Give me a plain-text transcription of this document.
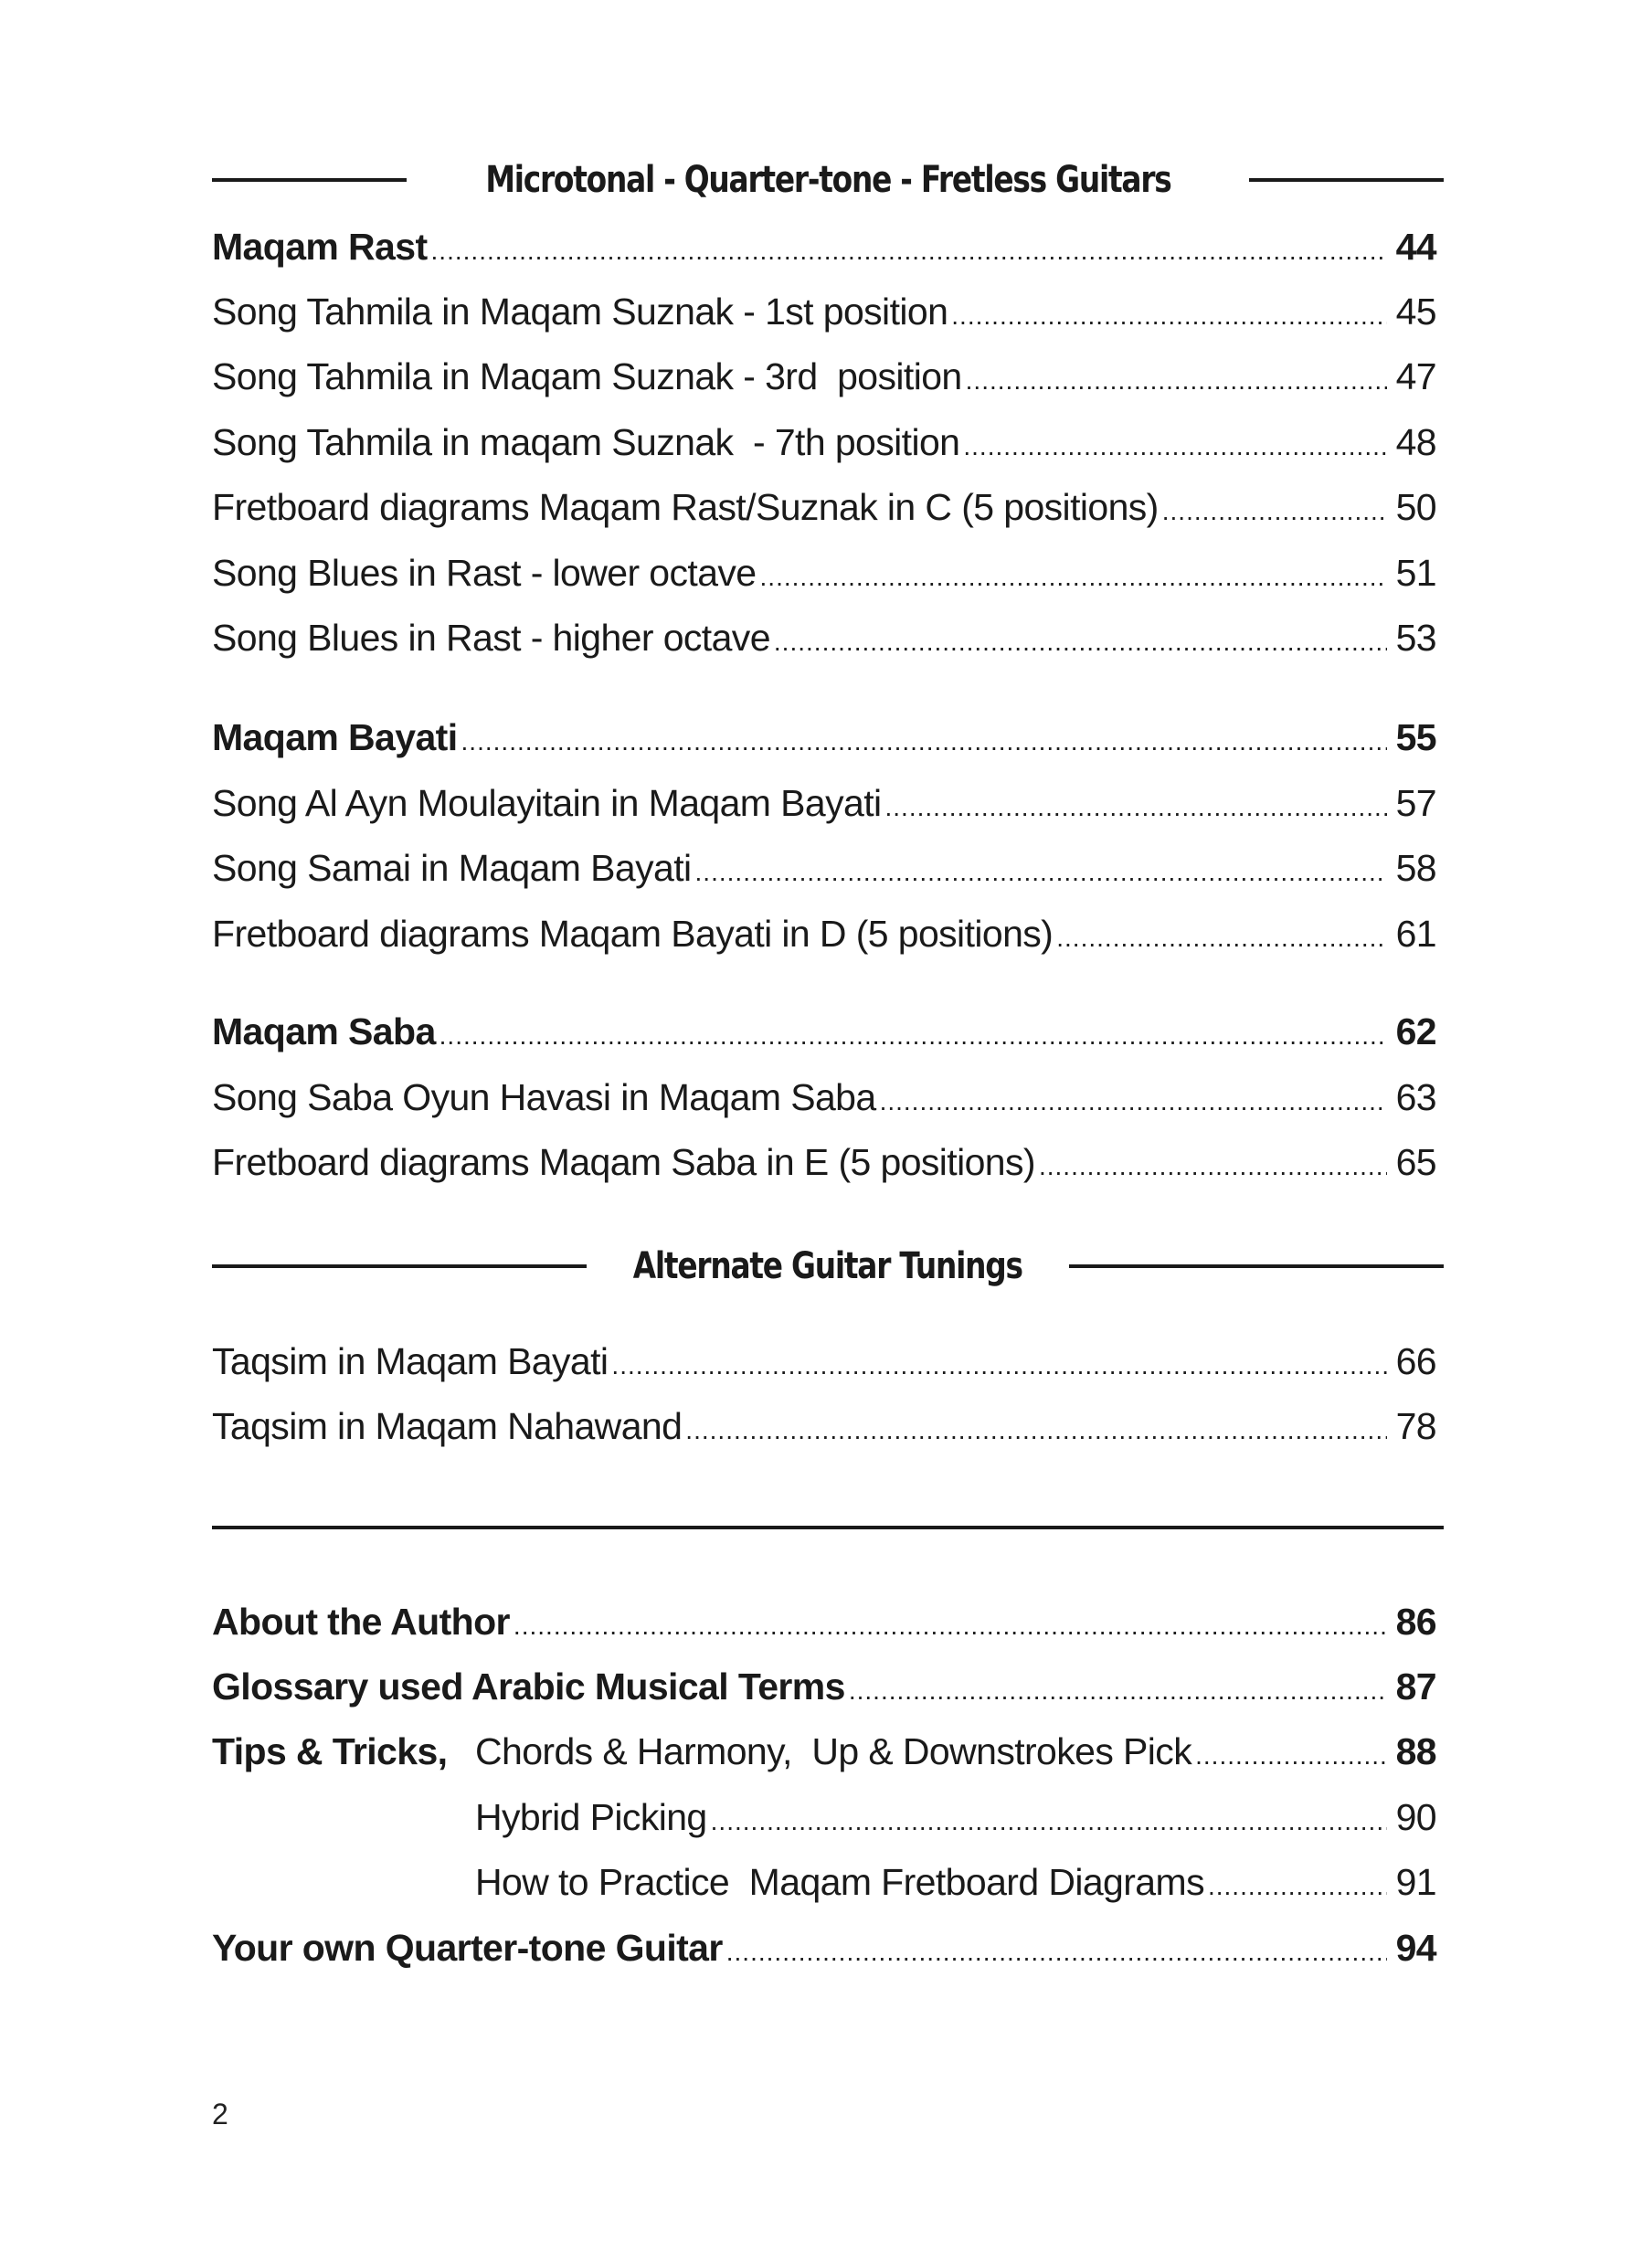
Microtonal - Quarter-tone - Fretless Guitars
Maqam Rast .....	44
Song Tahmila in Maqam Suznak - 1st position .....	45
Song Tahmila in Maqam Suznak - 3rd  position .....	47
Song Tahmila in maqam Suznak  - 7th position .....	48
Fretboard diagrams Maqam Rast/Suznak in C (5 positions) .....	50
Song Blues in Rast - lower octave .....	51
Song Blues in Rast - higher octave .....	53
Maqam Bayati .....	55
Song Al Ayn Moulayitain in Maqam Bayati .....	57
Song Samai in Maqam Bayati .....	58
Fretboard diagrams Maqam Bayati in D (5 positions) .....	61
Maqam Saba .....	62
Song Saba Oyun Havasi in Maqam Saba .....	63
Fretboard diagrams Maqam Saba in E (5 positions) .....	65
Alternate Guitar Tunings
Taqsim in Maqam Bayati .....	66
Taqsim in Maqam Nahawand .....	78
About the Author .....	86
Glossary used Arabic Musical Terms .....	87
Tips & Tricks, Chords & Harmony,  Up & Downstrokes Pick .....	88
Hybrid Picking .....	90
How to Practice  Maqam Fretboard Diagrams .....	91
Your own Quarter-tone Guitar .....	94
2
